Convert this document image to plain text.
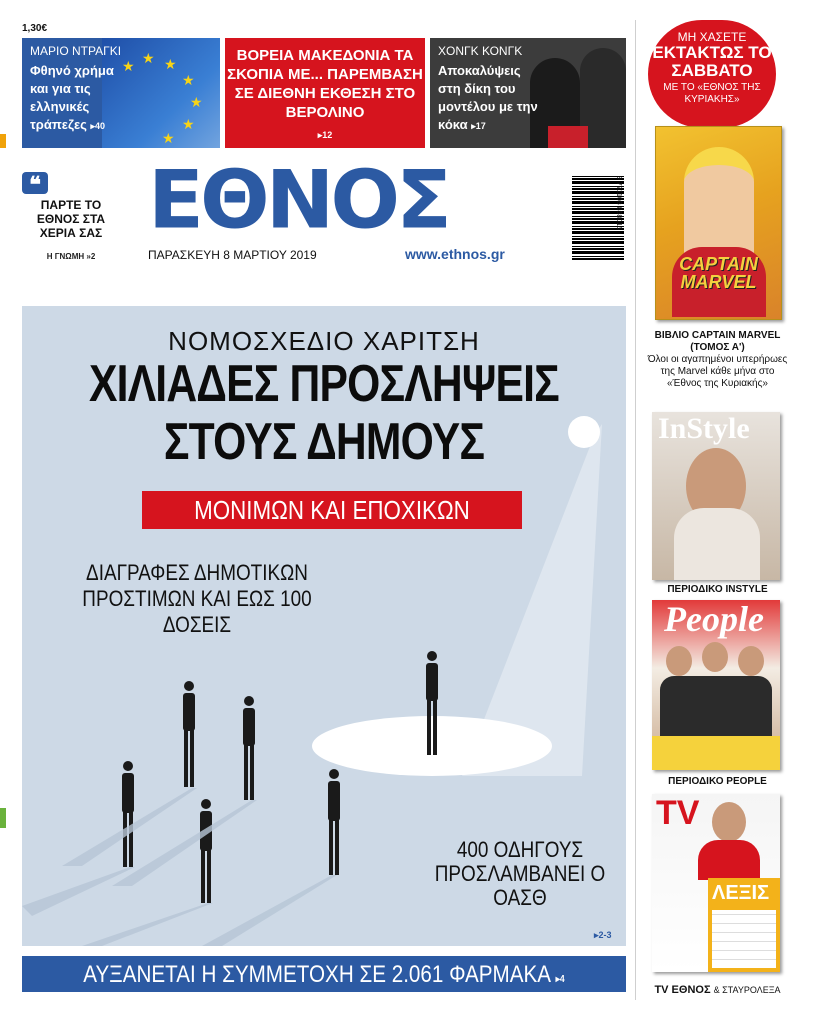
1,30€
★ ★
★
★
★
★
★
ΜΑΡΙΟ ΝΤΡΑΓΚΙ
Φθηνό χρήμα και για τις ελληνικές τράπεζες ▸40
ΒΟΡΕΙΑ ΜΑΚΕΔΟΝΙΑ ΤΑ ΣΚΟΠΙΑ ΜΕ... ΠΑΡΕΜΒΑΣΗ ΣΕ ΔΙΕΘΝΗ ΕΚΘΕΣΗ ΣΤΟ ΒΕΡΟΛΙΝΟ
▸12
ΧΟΝΓΚ ΚΟΝΓΚ
Αποκαλύψεις στη δίκη του μοντέλου με την κόκα ▸17
❝
ΠΑΡΤΕ ΤΟ ΕΘΝΟΣ ΣΤΑ ΧΕΡΙΑ ΣΑΣ
Η ΓΝΩΜΗ »2
ΕΘΝΟΣ
ΠΑΡΑΣΚΕΥΗ 8 ΜΑΡΤΙΟΥ 2019	www.ethnos.gr
9 771108 858015
ΝΟΜΟΣΧΕΔΙΟ ΧΑΡΙΤΣΗ
ΧΙΛΙΑΔΕΣ ΠΡΟΣΛΗΨΕΙΣ
ΣΤΟΥΣ ΔΗΜΟΥΣ
ΜΟΝΙΜΩΝ ΚΑΙ ΕΠΟΧΙΚΩΝ
ΔΙΑΓΡΑΦΕΣ ΔΗΜΟΤΙΚΩΝ ΠΡΟΣΤΙΜΩΝ ΚΑΙ ΕΩΣ 100 ΔΟΣΕΙΣ
400 ΟΔΗΓΟΥΣ ΠΡΟΣΛΑΜΒΑΝΕΙ Ο ΟΑΣΘ
▸2-3
ΑΥΞΑΝΕΤΑΙ Η ΣΥΜΜΕΤΟΧΗ ΣΕ 2.061 ΦΑΡΜΑΚΑ ▸4
ΜΗ ΧΑΣΕΤΕ
ΕΚΤΑΚΤΩΣ ΤΟ ΣΑΒΒΑΤΟ
ΜΕ ΤΟ «ΕΘΝΟΣ ΤΗΣ ΚΥΡΙΑΚΗΣ»
CAPTAIN MARVEL
ΒΙΒΛΙΟ CAPTAIN MARVEL (ΤΟΜΟΣ Α')
Όλοι οι αγαπημένοι υπερήρωες της Marvel κάθε μήνα στο «Έθνος της Κυριακής»
InStyle
ΠΕΡΙΟΔΙΚΟ INSTYLE
People
ΠΕΡΙΟΔΙΚΟ PEOPLE
TV
ΛΕΞΙΣ
TV ΕΘΝΟΣ & ΣΤΑΥΡΟΛΕΞΑ
